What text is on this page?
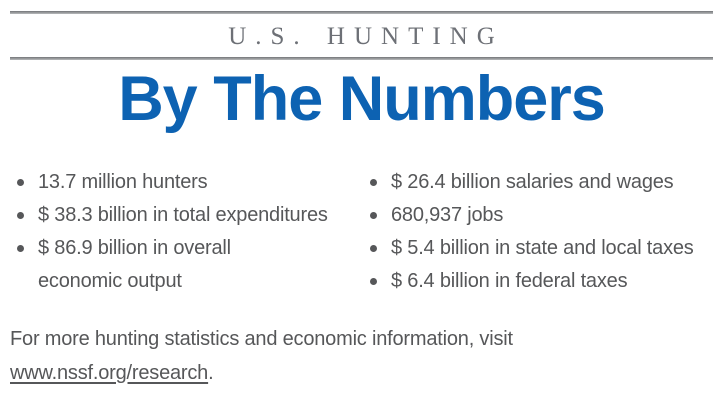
U.S. HUNTING
By The Numbers
13.7 million hunters
$ 38.3 billion in total expenditures
$ 86.9 billion in overall
economic output
$ 26.4 billion salaries and wages
680,937 jobs
$ 5.4 billion in state and local taxes
$ 6.4 billion in federal taxes
For more hunting statistics and economic information, visit
www.nssf.org/research.
